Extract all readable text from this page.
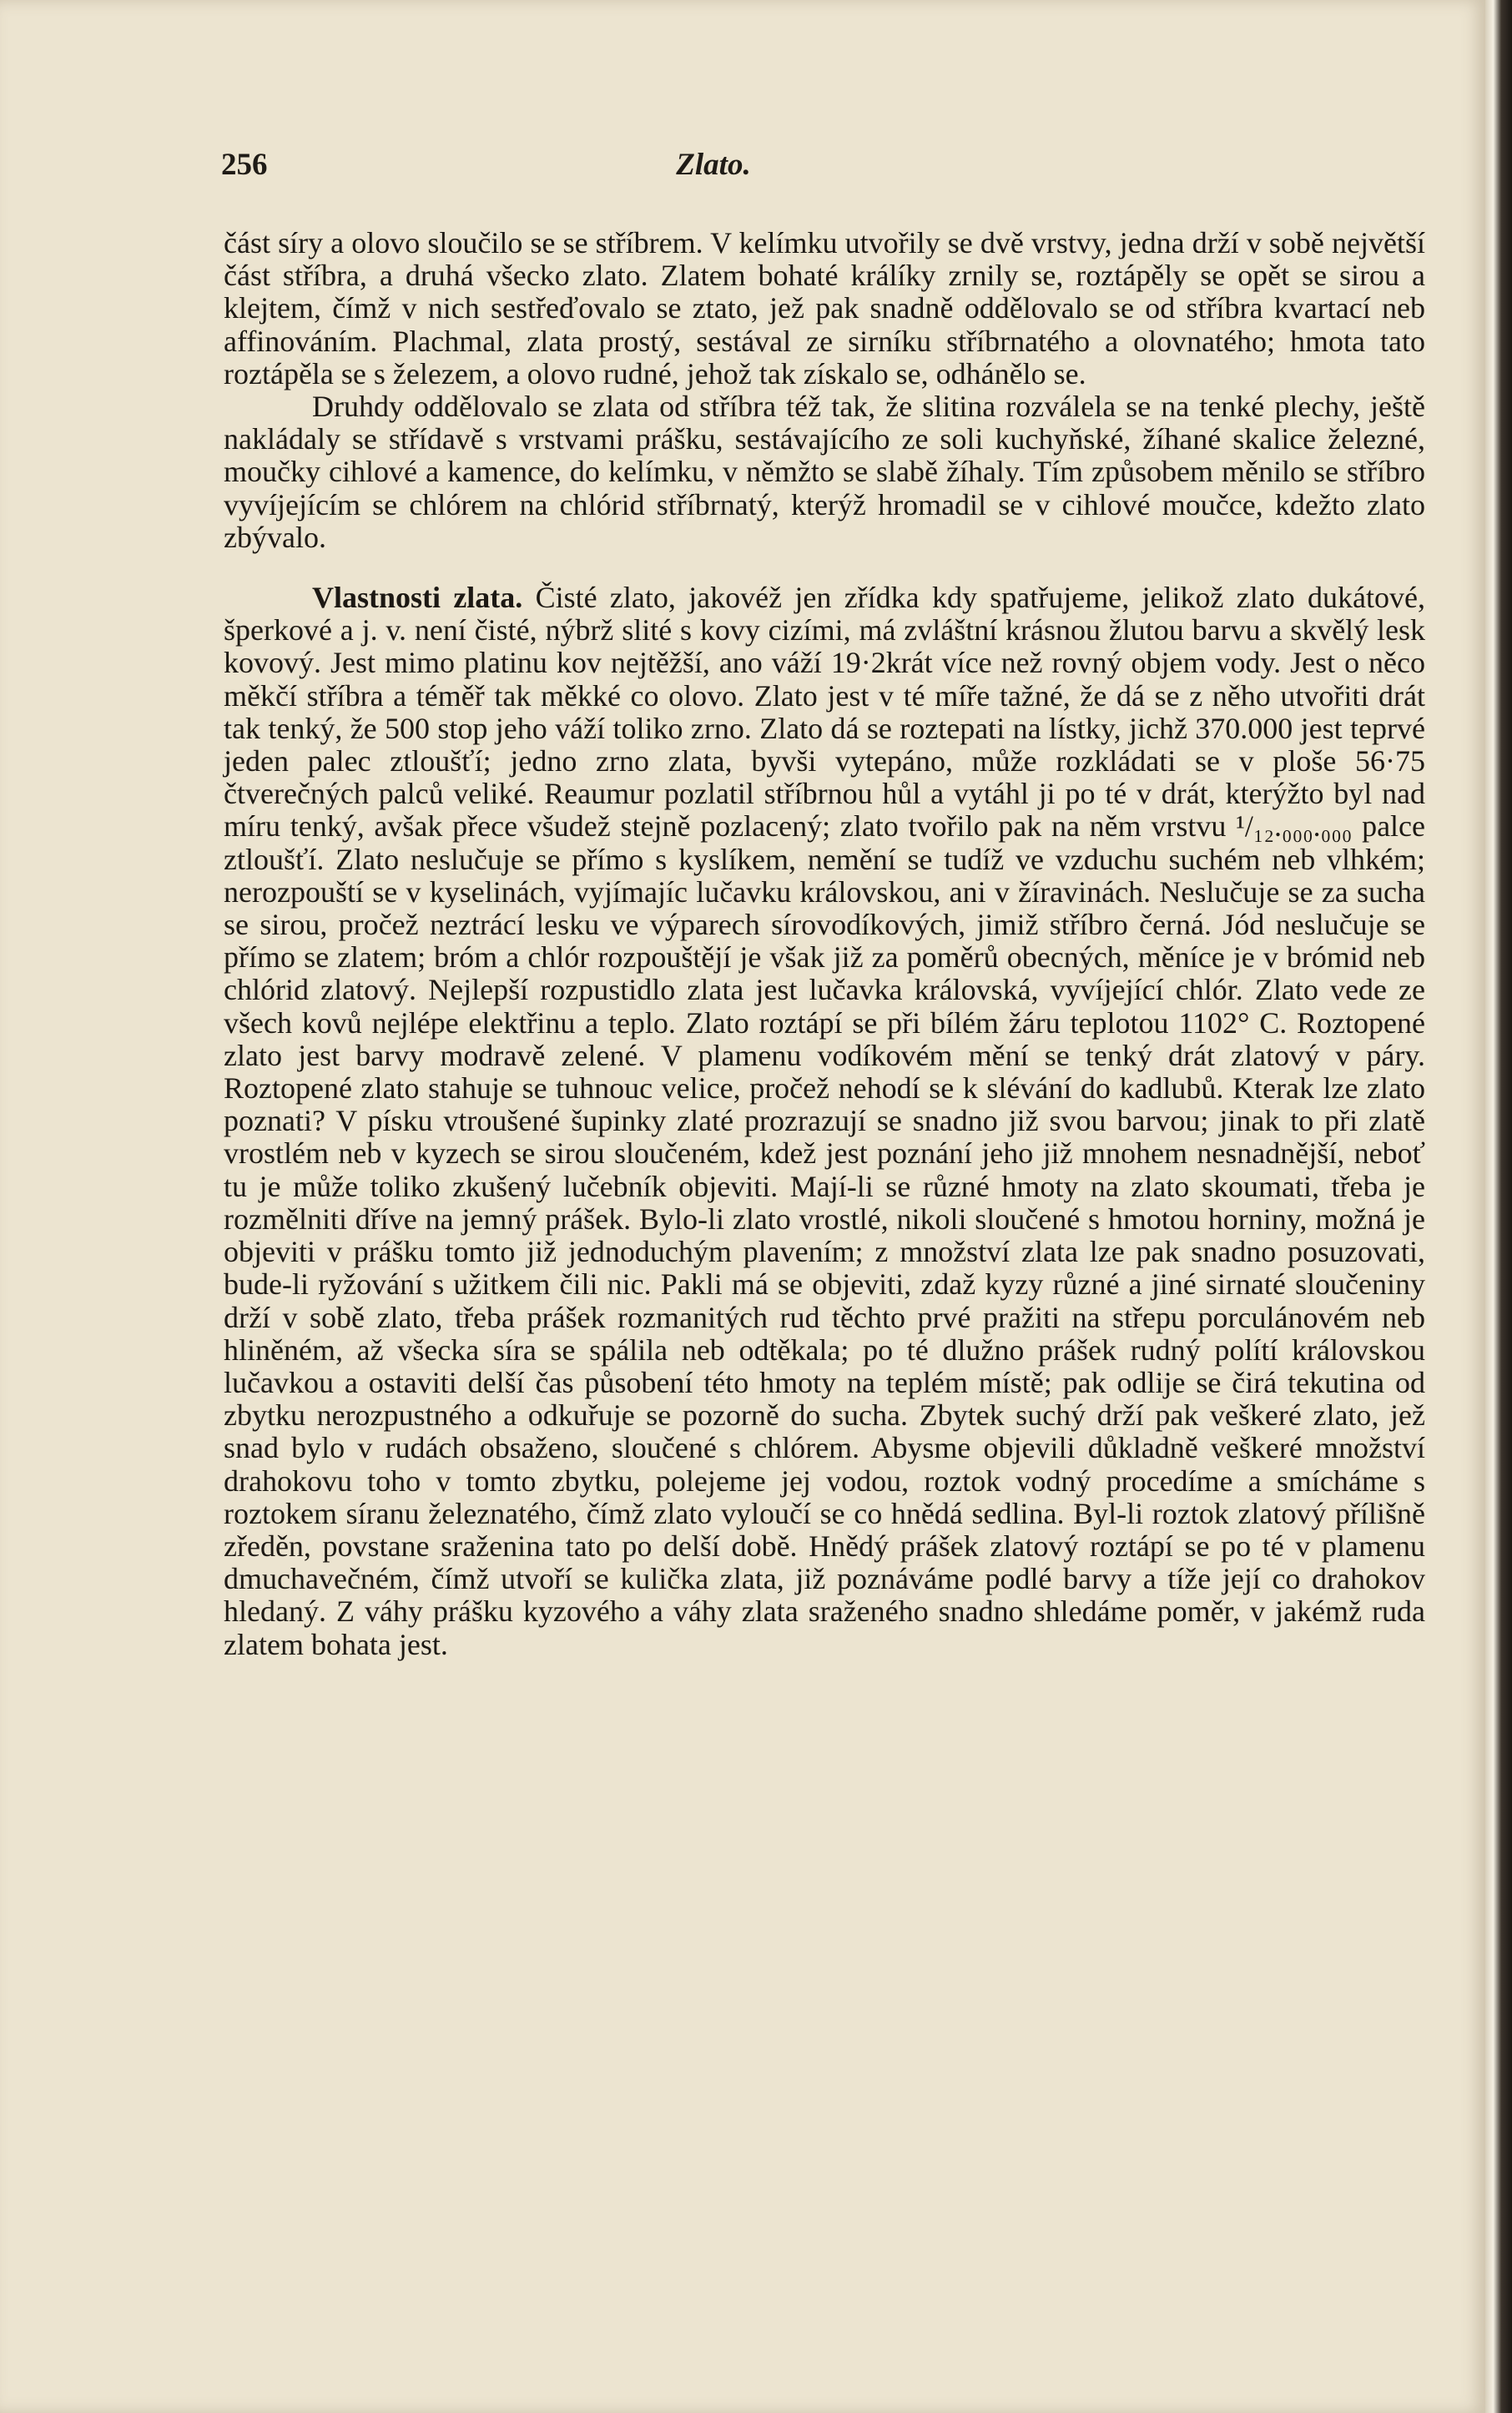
256	Zlato.

část síry a olovo sloučilo se se stříbrem. V kelímku utvořily se dvě vrstvy, jedna drží v sobě největší část stříbra, a druhá všecko zlato. Zlatem bohaté králíky zrnily se, roztápěly se opět se sirou a klejtem, čímž v nich sestřeďovalo se ztato, jež pak snadně oddělovalo se od stříbra kvartací neb affinováním. Plachmal, zlata prostý, sestával ze sirníku stříbrnatého a olovnatého; hmota tato roztápěla se s železem, a olovo rudné, jehož tak získalo se, odhánělo se.

Druhdy oddělovalo se zlata od stříbra též tak, že slitina rozválela se na tenké plechy, ještě nakládaly se střídavě s vrstvami prášku, sestávajícího ze soli kuchyňské, žíhané skalice železné, moučky cihlové a kamence, do kelímku, v němžto se slabě žíhaly. Tím způsobem měnilo se stříbro vyvíjejícím se chlórem na chlórid stříbrnatý, kterýž hromadil se v cihlové moučce, kdežto zlato zbývalo.

Vlastnosti zlata. Čisté zlato, jakovéž jen zřídka kdy spatřujeme, jelikož zlato dukátové, šperkové a j. v. není čisté, nýbrž slité s kovy cizími, má zvláštní krásnou žlutou barvu a skvělý lesk kovový. Jest mimo platinu kov nejtěžší, ano váží 19·2krát více než rovný objem vody. Jest o něco měkčí stříbra a téměř tak měkké co olovo. Zlato jest v té míře tažné, že dá se z něho utvořiti drát tak tenký, že 500 stop jeho váží toliko zrno. Zlato dá se roztepati na lístky, jichž 370.000 jest teprvé jeden palec ztloušťí; jedno zrno zlata, byvši vytepáno, může rozkládati se v ploše 56·75 čtverečných palců veliké. Reaumur pozlatil stříbrnou hůl a vytáhl ji po té v drát, kterýžto byl nad míru tenký, avšak přece všudež stejně pozlacený; zlato tvořilo pak na něm vrstvu ¹/₁₂.₀₀₀.₀₀₀ palce ztloušťí. Zlato neslučuje se přímo s kyslíkem, nemění se tudíž ve vzduchu suchém neb vlhkém; nerozpouští se v kyselinách, vyjímajíc lučavku královskou, ani v žíravinách. Neslučuje se za sucha se sirou, pročež neztrácí lesku ve výparech sírovodíkových, jimiž stříbro černá. Jód neslučuje se přímo se zlatem; bróm a chlór rozpouštějí je však již za poměrů obecných, měníce je v brómid neb chlórid zlatový. Nejlepší rozpustidlo zlata jest lučavka královská, vyvíjející chlór. Zlato vede ze všech kovů nejlépe elektřinu a teplo. Zlato roztápí se při bílém žáru teplotou 1102° C. Roztopené zlato jest barvy modravě zelené. V plamenu vodíkovém mění se tenký drát zlatový v páry. Roztopené zlato stahuje se tuhnouc velice, pročež nehodí se k slévání do kadlubů. Kterak lze zlato poznati? V písku vtroušené šupinky zlaté prozrazují se snadno již svou barvou; jinak to při zlatě vrostlém neb v kyzech se sirou sloučeném, kdež jest poznání jeho již mnohem nesnadnější, neboť tu je může toliko zkušený lučebník objeviti. Mají-li se různé hmoty na zlato skoumati, třeba je rozmělniti dříve na jemný prášek. Bylo-li zlato vrostlé, nikoli sloučené s hmotou horniny, možná je objeviti v prášku tomto již jednoduchým plavením; z množství zlata lze pak snadno posuzovati, bude-li ryžování s užitkem čili nic. Pakli má se objeviti, zdaž kyzy různé a jiné sirnaté sloučeniny drží v sobě zlato, třeba prášek rozmanitých rud těchto prvé pražiti na střepu porculánovém neb hliněném, až všecka síra se spálila neb odtěkala; po té dlužno prášek rudný polítí královskou lučavkou a ostaviti delší čas působení této hmoty na teplém místě; pak odlije se čirá tekutina od zbytku nerozpustného a odkuřuje se pozorně do sucha. Zbytek suchý drží pak veškeré zlato, jež snad bylo v rudách obsaženo, sloučené s chlórem. Abysme objevili důkladně veškeré množství drahokovu toho v tomto zbytku, polejeme jej vodou, roztok vodný procedíme a smícháme s roztokem síranu železnatého, čímž zlato vyloučí se co hnědá sedlina. Byl-li roztok zlatový přílišně zředěn, povstane sraženina tato po delší době. Hnědý prášek zlatový roztápí se po té v plamenu dmuchavečném, čímž utvoří se kulička zlata, již poznáváme podlé barvy a tíže její co drahokov hledaný. Z váhy prášku kyzového a váhy zlata sraženého snadno shledáme poměr, v jakémž ruda zlatem bohata jest.
